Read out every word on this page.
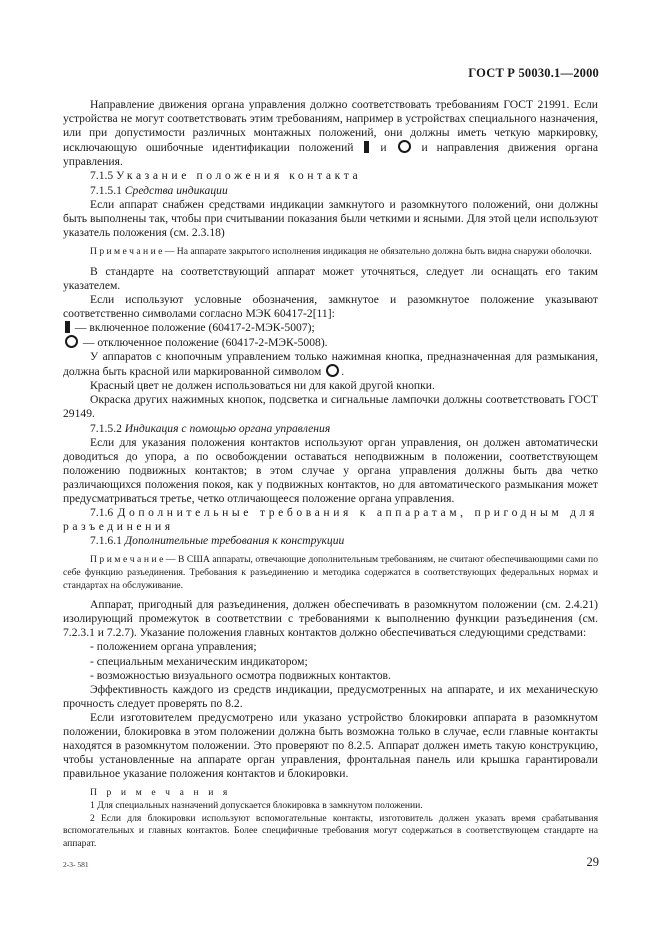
ГОСТ Р 50030.1—2000

Направление движения органа управления должно соответствовать требованиям ГОСТ 21991. Если устройства не могут соответствовать этим требованиям, например в устройствах специального назначения, или при допустимости различных монтажных положений, они должны иметь четкую маркировку, исключающую ошибочные идентификации положений и	и направления движения органа управления.

7.1.5 Указание положения контакта

7.1.5.1 Средства индикации

Если аппарат снабжен средствами индикации замкнутого и разомкнутого положений, они должны быть выполнены так, чтобы при считывании показания были четкими и ясными. Для этой цели используют указатель положения (см. 2.3.18)

П р и м е ч а н и е — На аппарате закрытого исполнения индикация не обязательно должна быть видна снаружи оболочки.

В стандарте на соответствующий аппарат может уточняться, следует ли оснащать его таким указателем.

Если используют условные обозначения, замкнутое и разомкнутое положение указывают соответственно символами согласно МЭК 60417-2[11]:

— включенное положение (60417-2-МЭК-5007);

— отключенное положение (60417-2-МЭК-5008).

У аппаратов с кнопочным управлением только нажимная кнопка, предназначенная для размыкания, должна быть красной или маркированной символом .

Красный цвет не должен использоваться ни для какой другой кнопки.

Окраска других нажимных кнопок, подсветка и сигнальные лампочки должны соответствовать ГОСТ 29149.

7.1.5.2 Индикация с помощью органа управления

Если для указания положения контактов используют орган управления, он должен автоматически доводиться до упора, а по освобождении оставаться неподвижным в положении, соответствующем положению подвижных контактов; в этом случае у органа управления должны быть два четко различающихся положения покоя, как у подвижных контактов, но для автоматического размыкания может предусматриваться третье, четко отличающееся положение органа управления.

7.1.6 Дополнительные требования к аппаратам, пригодным для разъединения

7.1.6.1 Дополнительные требования к конструкции

П р и м е ч а н и е — В США аппараты, отвечающие дополнительным требованиям, не считают обеспечивающими сами по себе функцию разъединения. Требования к разъединению и методика содержатся в соответствующих федеральных нормах и стандартах на обслуживание.

Аппарат, пригодный для разъединения, должен обеспечивать в разомкнутом положении (см. 2.4.21) изолирующий промежуток в соответствии с требованиями к выполнению функции разъединения (см. 7.2.3.1 и 7.2.7). Указание положения главных контактов должно обеспечиваться следующими средствами:

- положением органа управления;

- специальным механическим индикатором;

- возможностью визуального осмотра подвижных контактов.

Эффективность каждого из средств индикации, предусмотренных на аппарате, и их механическую прочность следует проверять по 8.2.

Если изготовителем предусмотрено или указано устройство блокировки аппарата в разомкнутом положении, блокировка в этом положении должна быть возможна только в случае, если главные контакты находятся в разомкнутом положении. Это проверяют по 8.2.5. Аппарат должен иметь такую конструкцию, чтобы установленные на аппарате орган управления, фронтальная панель или крышка гарантировали правильное указание положения контактов и блокировки.

П р и м е ч а н и я

1 Для специальных назначений допускается блокировка в замкнутом положении.

2 Если для блокировки используют вспомогательные контакты, изготовитель должен указать время срабатывания вспомогательных и главных контактов. Более специфичные требования могут содержаться в соответствующем стандарте на аппарат.

2-3- 581	29
